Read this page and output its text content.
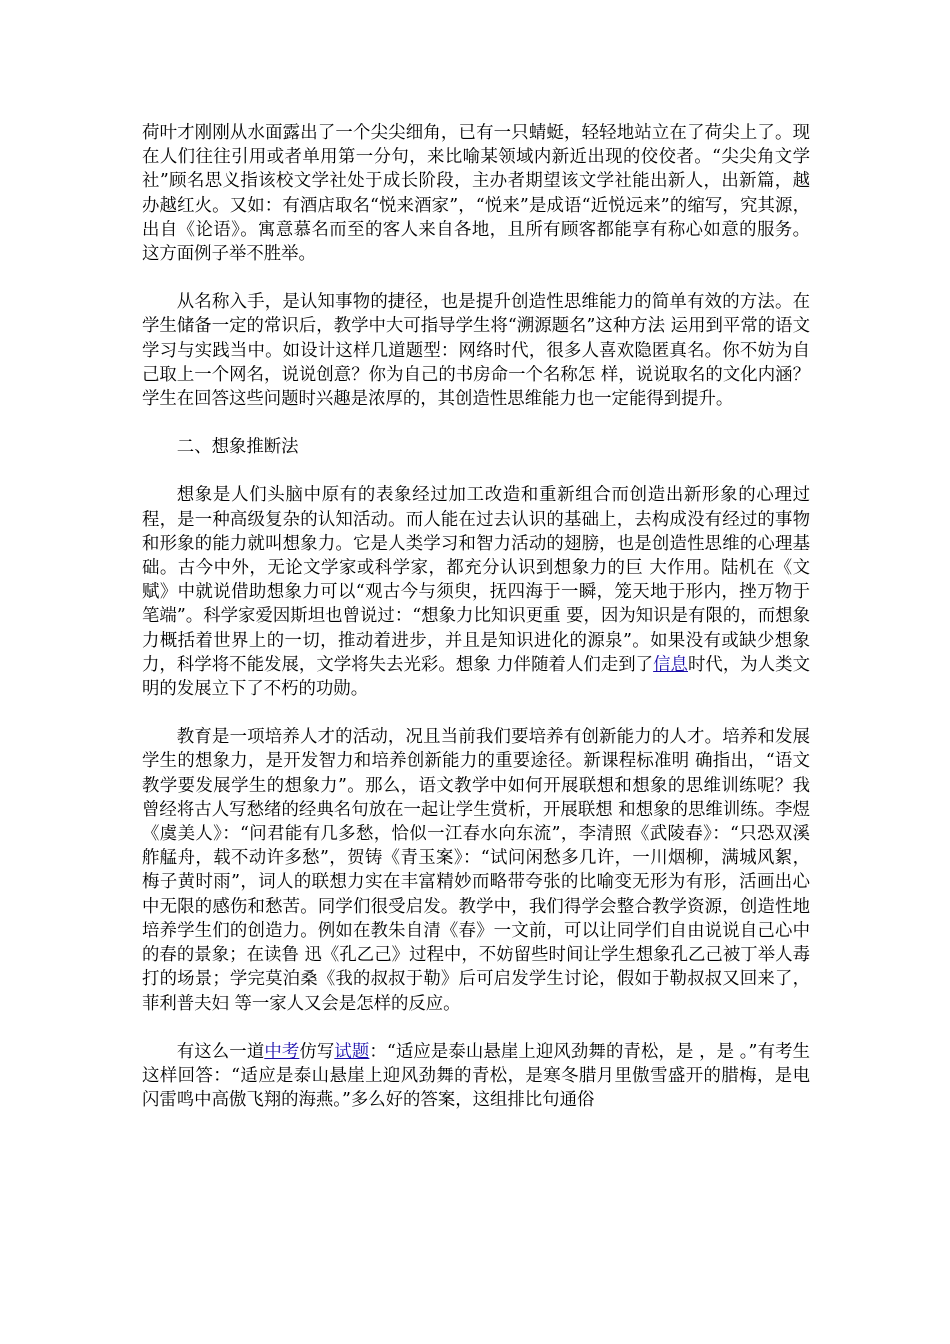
荷叶才刚刚从水面露出了一个尖尖细角，已有一只蜻蜓，轻轻地站立在了荷尖上了。现在人们往往引用或者单用第一分句，来比喻某领域内新近出现的佼佼者。“尖尖角文学社”顾名思义指该校文学社处于成长阶段，主办者期望该文学社能出新人，出新篇，越办越红火。又如：有酒店取名“悦来酒家”，“悦来”是成语“近悦远来”的缩写，究其源，出自《论语》。寓意慕名而至的客人来自各地，且所有顾客都能享有称心如意的服务。这方面例子举不胜举。

从名称入手，是认知事物的捷径，也是提升创造性思维能力的简单有效的方法。在学生储备一定的常识后，教学中大可指导学生将“溯源题名”这种方法 运用到平常的语文学习与实践当中。如设计这样几道题型：网络时代，很多人喜欢隐匿真名。你不妨为自己取上一个网名，说说创意？你为自己的书房命一个名称怎 样，说说取名的文化内涵？学生在回答这些问题时兴趣是浓厚的，其创造性思维能力也一定能得到提升。

二、想象推断法

想象是人们头脑中原有的表象经过加工改造和重新组合而创造出新形象的心理过程，是一种高级复杂的认知活动。而人能在过去认识的基础上，去构成没有经过的事物和形象的能力就叫想象力。它是人类学习和智力活动的翅膀，也是创造性思维的心理基础。古今中外，无论文学家或科学家，都充分认识到想象力的巨 大作用。陆机在《文赋》中就说借助想象力可以“观古今与须臾，抚四海于一瞬，笼天地于形内，挫万物于笔端”。科学家爱因斯坦也曾说过：“想象力比知识更重 要，因为知识是有限的，而想象力概括着世界上的一切，推动着进步，并且是知识进化的源泉”。如果没有或缺少想象力，科学将不能发展，文学将失去光彩。想象 力伴随着人们走到了信息时代，为人类文明的发展立下了不朽的功勋。

教育是一项培养人才的活动，况且当前我们要培养有创新能力的人才。培养和发展学生的想象力，是开发智力和培养创新能力的重要途径。新课程标准明 确指出，“语文教学要发展学生的想象力”。那么，语文教学中如何开展联想和想象的思维训练呢？我曾经将古人写愁绪的经典名句放在一起让学生赏析，开展联想 和想象的思维训练。李煜《虞美人》：“问君能有几多愁，恰似一江春水向东流”，李清照《武陵春》：“只恐双溪舴艋舟，载不动许多愁”，贺铸《青玉案》：“试问闲愁多几许，一川烟柳，满城风絮，梅子黄时雨”，词人的联想力实在丰富精妙而略带夸张的比喻变无形为有形，活画出心中无限的感伤和愁苦。同学们很受启发。教学中，我们得学会整合教学资源，创造性地培养学生们的创造力。例如在教朱自清《春》一文前，可以让同学们自由说说自己心中的春的景象；在读鲁 迅《孔乙己》过程中，不妨留些时间让学生想象孔乙己被丁举人毒打的场景；学完莫泊桑《我的叔叔于勒》后可启发学生讨论，假如于勒叔叔又回来了，菲利普夫妇 等一家人又会是怎样的反应。

有这么一道中考仿写试题：“适应是泰山悬崖上迎风劲舞的青松，是 ，是 。”有考生这样回答：“适应是泰山悬崖上迎风劲舞的青松，是寒冬腊月里傲雪盛开的腊梅，是电闪雷鸣中高傲飞翔的海燕。”多么好的答案，这组排比句通俗
